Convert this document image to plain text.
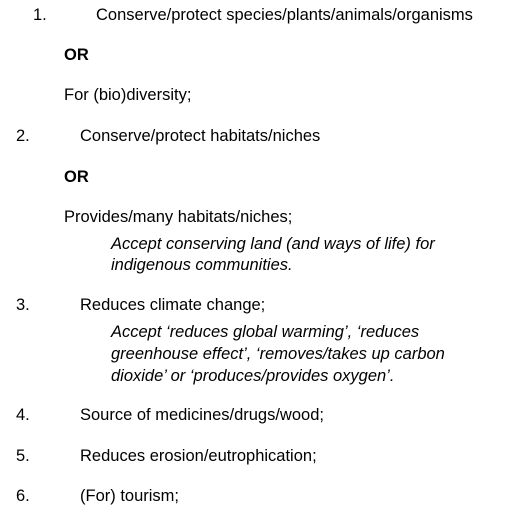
1.	Conserve/protect species/plants/animals/organisms
OR
For (bio)diversity;
2.	Conserve/protect habitats/niches
OR
Provides/many habitats/niches;
Accept conserving land (and ways of life) for
indigenous communities.
3.	Reduces climate change;
Accept ‘reduces global warming’, ‘reduces
greenhouse effect’, ‘removes/takes up carbon
dioxide’ or ‘produces/provides oxygen’.
4.	Source of medicines/drugs/wood;
5.	Reduces erosion/eutrophication;
6.	(For) tourism;
